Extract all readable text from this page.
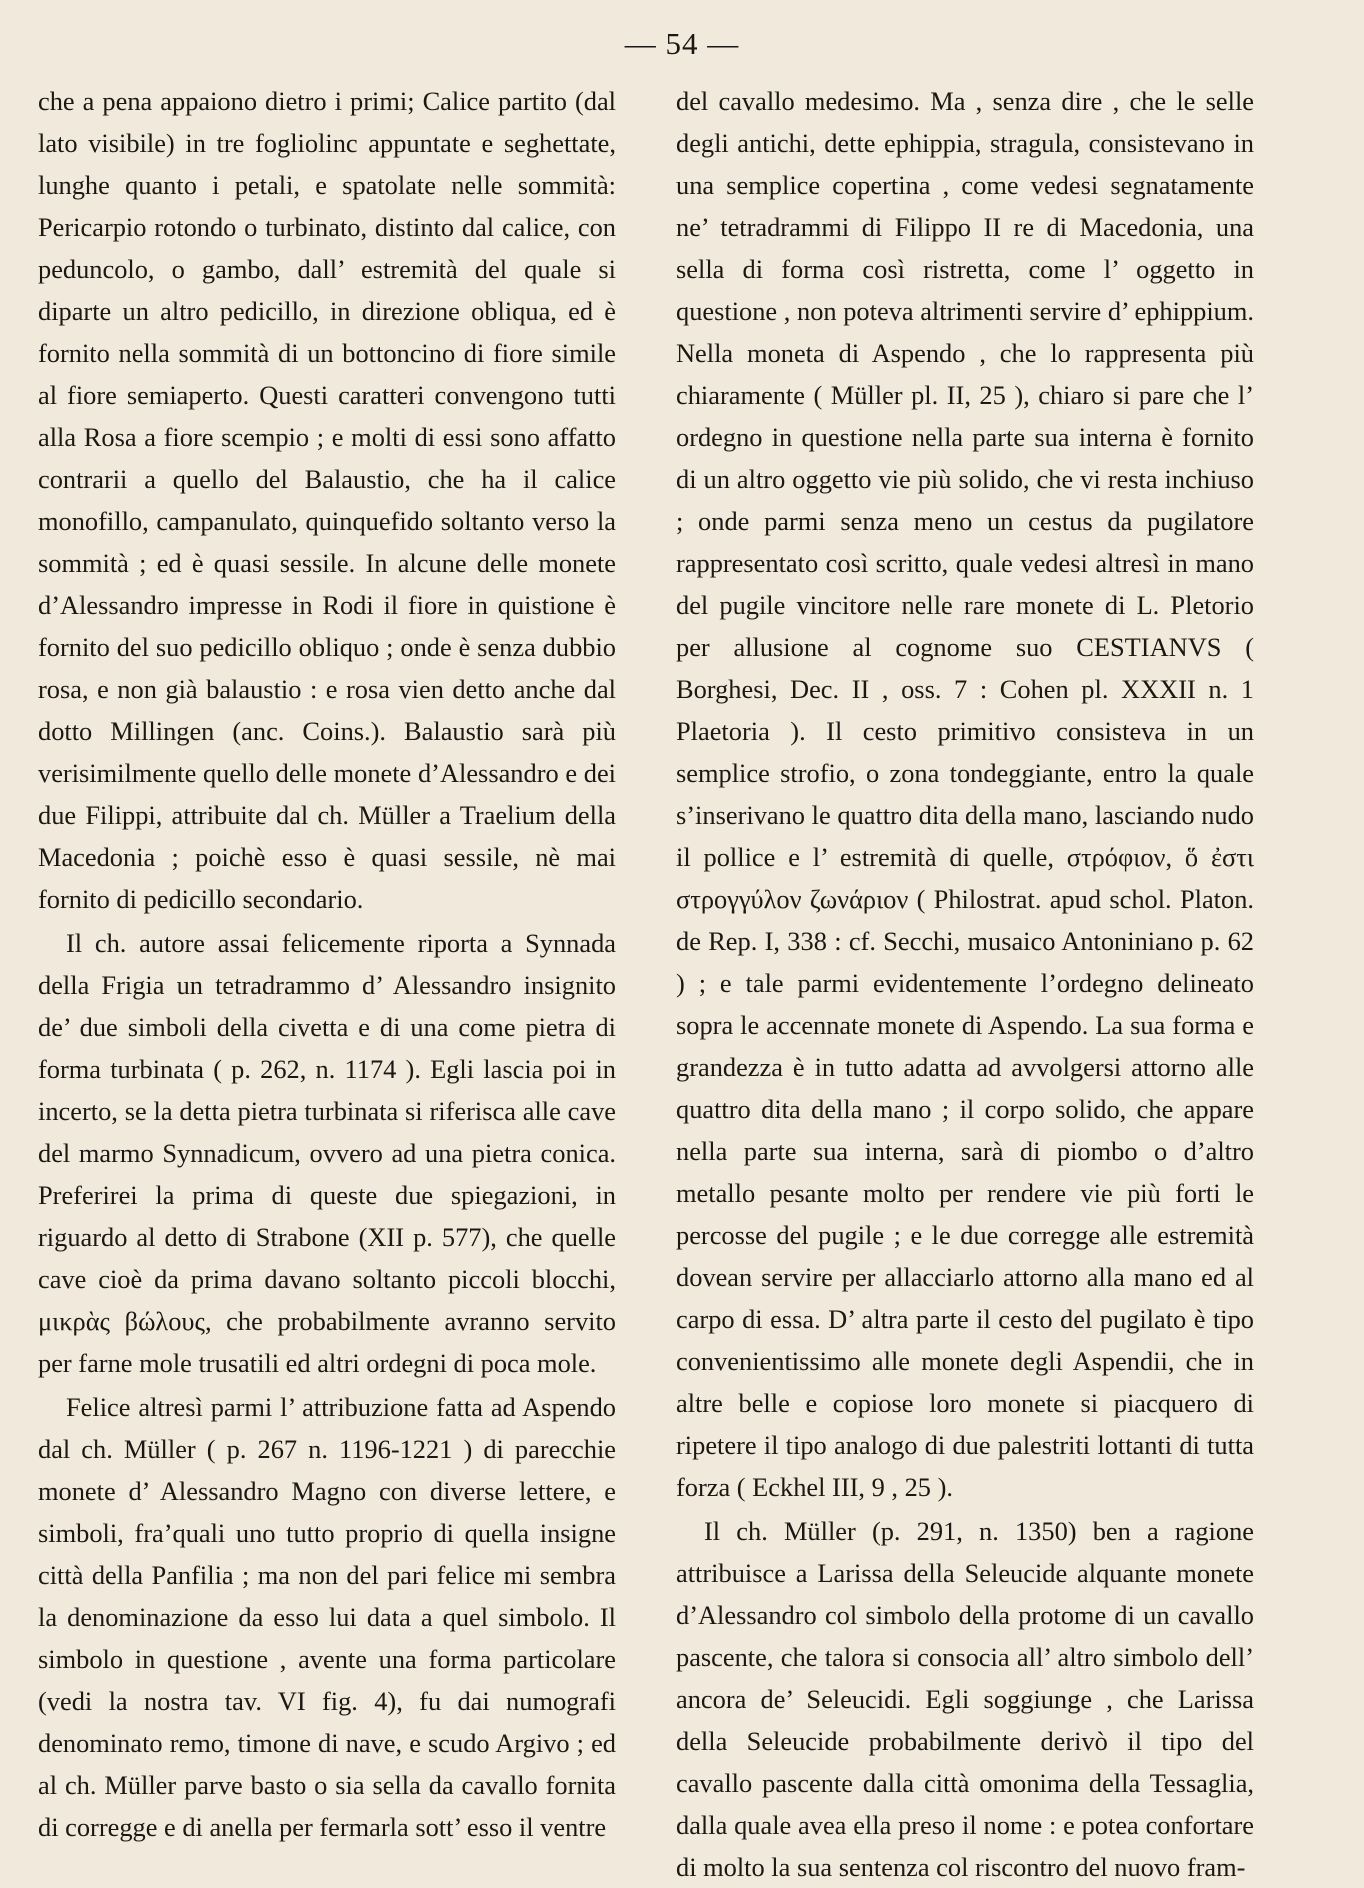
— 54 —

che a pena appaiono dietro i primi; Calice partito (dal lato visibile) in tre fogliolinc appuntate e seghettate, lunghe quanto i petali, e spatolate nelle sommità: Pericarpio rotondo o turbinato, distinto dal calice, con peduncolo, o gambo, dall’ estremità del quale si diparte un altro pedicillo, in direzione obliqua, ed è fornito nella sommità di un bottoncino di fiore simile al fiore semiaperto. Questi caratteri convengono tutti alla Rosa a fiore scempio ; e molti di essi sono affatto contrarii a quello del Balaustio, che ha il calice monofillo, campanulato, quinquefido soltanto verso la sommità ; ed è quasi sessile. In alcune delle monete d’Alessandro impresse in Rodi il fiore in quistione è fornito del suo pedicillo obliquo ; onde è senza dubbio rosa, e non già balaustio : e rosa vien detto anche dal dotto Millingen (anc. Coins.). Balaustio sarà più verisimilmente quello delle monete d’Alessandro e dei due Filippi, attribuite dal ch. Müller a Traelium della Macedonia ; poichè esso è quasi sessile, nè mai fornito di pedicillo secondario.

Il ch. autore assai felicemente riporta a Synnada della Frigia un tetradrammo d’ Alessandro insignito de’ due simboli della civetta e di una come pietra di forma turbinata ( p. 262, n. 1174 ). Egli lascia poi in incerto, se la detta pietra turbinata si riferisca alle cave del marmo Synnadicum, ovvero ad una pietra conica. Preferirei la prima di queste due spiegazioni, in riguardo al detto di Strabone (XII p. 577), che quelle cave cioè da prima davano soltanto piccoli blocchi, μικρὰς βώλους, che probabilmente avranno servito per farne mole trusatili ed altri ordegni di poca mole.

Felice altresì parmi l’ attribuzione fatta ad Aspendo dal ch. Müller ( p. 267 n. 1196-1221 ) di parecchie monete d’ Alessandro Magno con diverse lettere, e simboli, fra’quali uno tutto proprio di quella insigne città della Panfilia ; ma non del pari felice mi sembra la denominazione da esso lui data a quel simbolo. Il simbolo in questione , avente una forma particolare (vedi la nostra tav. VI fig. 4), fu dai numografi denominato remo, timone di nave, e scudo Argivo ; ed al ch. Müller parve basto o sia sella da cavallo fornita di corregge e di anella per fermarla sott’ esso il ventre

del cavallo medesimo. Ma , senza dire , che le selle degli antichi, dette ephippia, stragula, consistevano in una semplice copertina , come vedesi segnatamente ne’ tetradrammi di Filippo II re di Macedonia, una sella di forma così ristretta, come l’ oggetto in questione , non poteva altrimenti servire d’ ephippium. Nella moneta di Aspendo , che lo rappresenta più chiaramente ( Müller pl. II, 25 ), chiaro si pare che l’ ordegno in questione nella parte sua interna è fornito di un altro oggetto vie più solido, che vi resta inchiuso ; onde parmi senza meno un cestus da pugilatore rappresentato così scritto, quale vedesi altresì in mano del pugile vincitore nelle rare monete di L. Pletorio per allusione al cognome suo CESTIANVS ( Borghesi, Dec. II , oss. 7 : Cohen pl. XXXII n. 1 Plaetoria ). Il cesto primitivo consisteva in un semplice strofio, o zona tondeggiante, entro la quale s’inserivano le quattro dita della mano, lasciando nudo il pollice e l’ estremità di quelle, στρόφιον, ὅ ἐστι στρογγύλον ζωνάριον ( Philostrat. apud schol. Platon. de Rep. I, 338 : cf. Secchi, musaico Antoniniano p. 62 ) ; e tale parmi evidentemente l’ordegno delineato sopra le accennate monete di Aspendo. La sua forma e grandezza è in tutto adatta ad avvolgersi attorno alle quattro dita della mano ; il corpo solido, che appare nella parte sua interna, sarà di piombo o d’altro metallo pesante molto per rendere vie più forti le percosse del pugile ; e le due corregge alle estremità dovean servire per allacciarlo attorno alla mano ed al carpo di essa. D’ altra parte il cesto del pugilato è tipo convenientissimo alle monete degli Aspendii, che in altre belle e copiose loro monete si piacquero di ripetere il tipo analogo di due palestriti lottanti di tutta forza ( Eckhel III, 9 , 25 ).

Il ch. Müller (p. 291, n. 1350) ben a ragione attribuisce a Larissa della Seleucide alquante monete d’Alessandro col simbolo della protome di un cavallo pascente, che talora si consocia all’ altro simbolo dell’ ancora de’ Seleucidi. Egli soggiunge , che Larissa della Seleucide probabilmente derivò il tipo del cavallo pascente dalla città omonima della Tessaglia, dalla quale avea ella preso il nome : e potea confortare di molto la sua sentenza col riscontro del nuovo fram-
